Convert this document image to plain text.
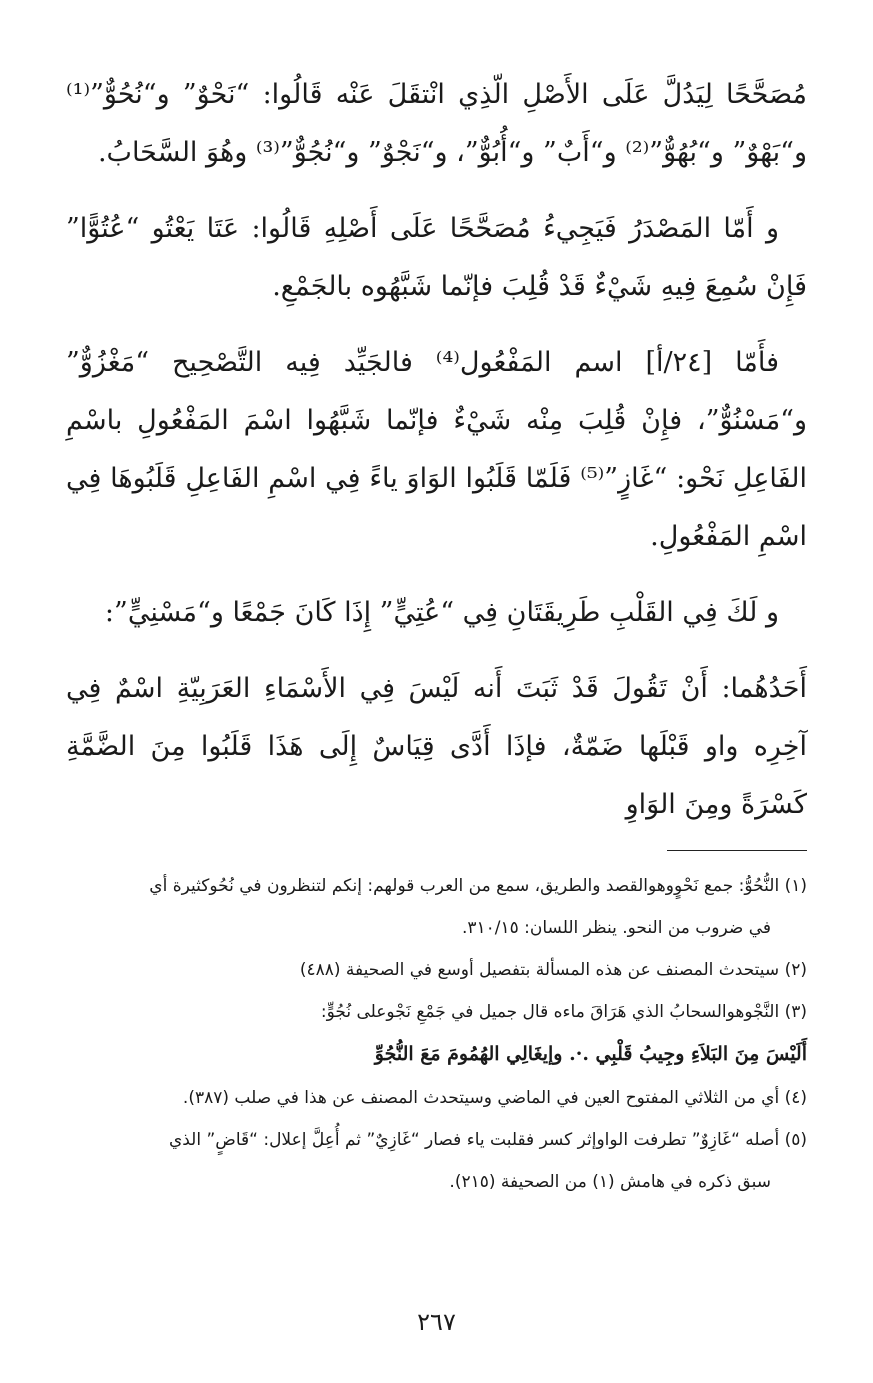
مُصَحَّحًا لِيَدُلَّ عَلَى الأَصْلِ الّذِي انْتقَلَ عَنْه قَالُوا: “نَحْوٌ” و“نُحُوٌّ”⁽¹⁾ و“بَهْوٌ” و“بُهُوٌّ”⁽²⁾ و“أَبٌ” و“أُبُوٌّ”، و“نَجْوٌ” و“نُجُوٌّ”⁽³⁾ وهُوَ السَّحَابُ.

و أَمّا المَصْدَرُ فَيَجِيءُ مُصَحَّحًا عَلَى أَصْلِهِ قَالُوا: عَتَا يَعْتُو “عُتُوًّا” فَإِنْ سُمِعَ فِيهِ شَيْءٌ قَدْ قُلِبَ فإنّما شَبَّهُوه بالجَمْعِ.

فأَمّا [٢٤/أ] اسم المَفْعُول⁽⁴⁾ فالجَيِّد فِيه التَّصْحِيح “مَغْزُوٌّ” و“مَسْنُوٌّ”، فإِنْ قُلِبَ مِنْه شَيْءٌ فإنّما شَبَّهُوا اسْمَ المَفْعُولِ باسْمِ الفَاعِلِ نَحْو: “غَازٍ”⁽⁵⁾ فَلَمّا قَلَبُوا الوَاوَ ياءً فِي اسْمِ الفَاعِلِ قَلَبُوهَا فِي اسْمِ المَفْعُولِ.

و لَكَ فِي القَلْبِ طَرِيقَتَانِ فِي “عُتِيٍّ” إِذَا كَانَ جَمْعًا و“مَسْنِيٍّ”:

أَحَدُهُما: أَنْ تَقُولَ قَدْ ثَبَتَ أَنه لَيْسَ فِي الأَسْمَاءِ العَرَبِيّةِ اسْمٌ فِي آخِرِه واو قَبْلَها ضَمّةٌ، فإذَا أَدَّى قِيَاسٌ إِلَى هَذَا قَلَبُوا مِنَ الضَّمَّةِ كَسْرَةً ومِنَ الوَاوِ

(١) النُّحُوُّ: جمع نَحْوٍوهوالقصد والطريق، سمع من العرب قولهم: إنكم لتنظرون في نُحُوكثيرة أي

في ضروب من النحو. ينظر اللسان: ٣١٠/١٥.

(٢) سيتحدث المصنف عن هذه المسألة بتفصيل أوسع في الصحيفة (٤٨٨)

(٣) النَّجْوهوالسحابُ الذي هَرَاقَ ماءه قال جميل في جَمْعِ نَجْوعلى نُجُوٍّ:

أَلَيْسَ مِنَ البَلاَءِ وجِيبُ قَلْبِي .·. وإيغَالِي الهُمُومَ مَعَ النُّجُوِّ

(٤) أي من الثلاثي المفتوح العين في الماضي وسيتحدث المصنف عن هذا في صلب (٣٨٧).

(٥) أصله “غَازِوٌ” تطرفت الواوإثر كسر فقلبت ياء فصار “غَازِيٌ” ثم أُعِلَّ إعلال: “قَاضٍ” الذي

سبق ذكره في هامش (١) من الصحيفة (٢١٥).

٢٦٧
